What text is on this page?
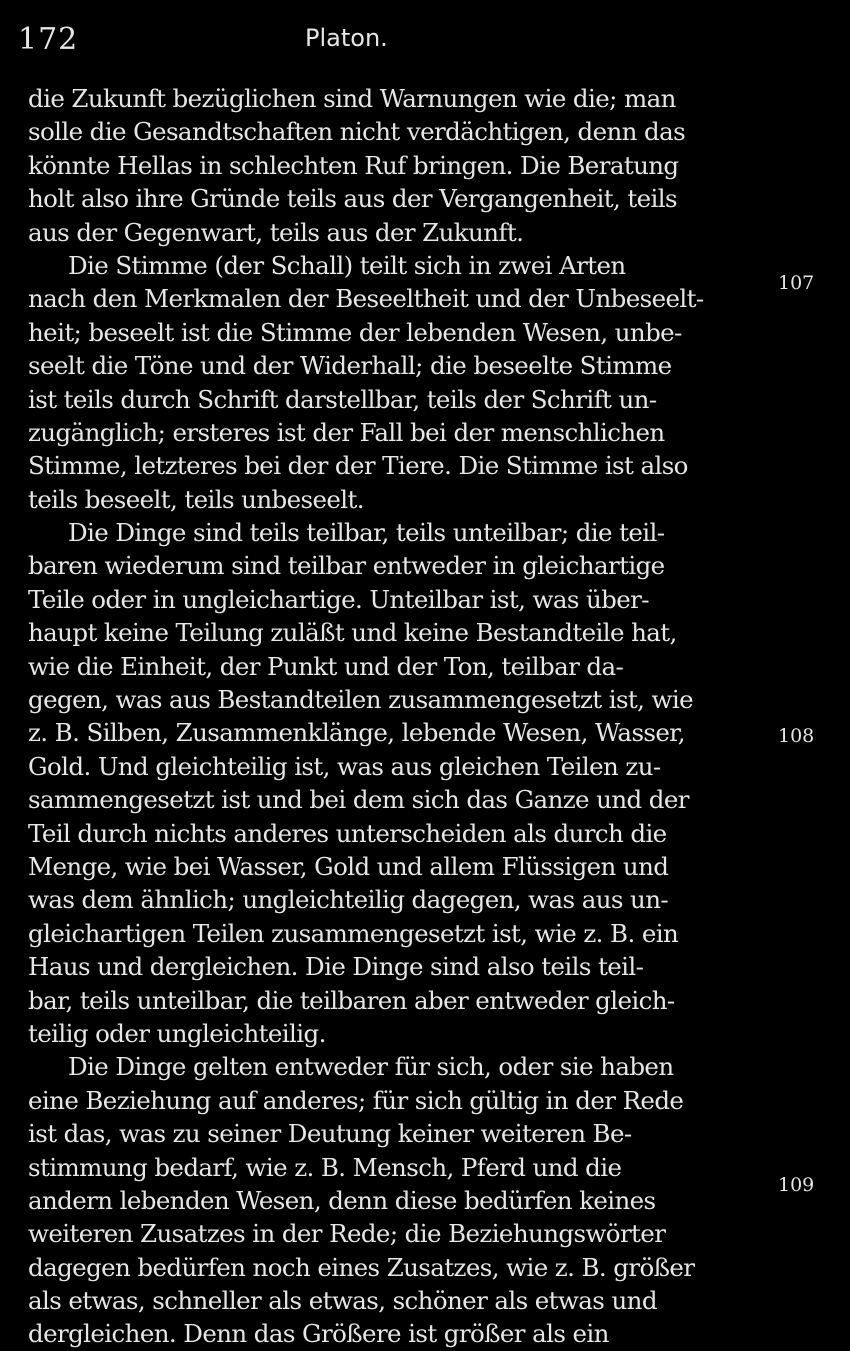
172	Platon.
die Zukunft bezüglichen sind Warnungen wie die; man
solle die Gesandtschaften nicht verdächtigen, denn das
könnte Hellas in schlechten Ruf bringen. Die Beratung
holt also ihre Gründe teils aus der Vergangenheit, teils
aus der Gegenwart, teils aus der Zukunft.
Die Stimme (der Schall) teilt sich in zwei Arten
nach den Merkmalen der Beseeltheit und der Unbeseelt-
heit; beseelt ist die Stimme der lebenden Wesen, unbe-
seelt die Töne und der Widerhall; die beseelte Stimme
ist teils durch Schrift darstellbar, teils der Schrift un-
zugänglich; ersteres ist der Fall bei der menschlichen
Stimme, letzteres bei der der Tiere. Die Stimme ist also
teils beseelt, teils unbeseelt.
Die Dinge sind teils teilbar, teils unteilbar; die teil-
baren wiederum sind teilbar entweder in gleichartige
Teile oder in ungleichartige. Unteilbar ist, was über-
haupt keine Teilung zuläßt und keine Bestandteile hat,
wie die Einheit, der Punkt und der Ton, teilbar da-
gegen, was aus Bestandteilen zusammengesetzt ist, wie
z. B. Silben, Zusammenklänge, lebende Wesen, Wasser,
Gold. Und gleichteilig ist, was aus gleichen Teilen zu-
sammengesetzt ist und bei dem sich das Ganze und der
Teil durch nichts anderes unterscheiden als durch die
Menge, wie bei Wasser, Gold und allem Flüssigen und
was dem ähnlich; ungleichteilig dagegen, was aus un-
gleichartigen Teilen zusammengesetzt ist, wie z. B. ein
Haus und dergleichen. Die Dinge sind also teils teil-
bar, teils unteilbar, die teilbaren aber entweder gleich-
teilig oder ungleichteilig.
Die Dinge gelten entweder für sich, oder sie haben
eine Beziehung auf anderes; für sich gültig in der Rede
ist das, was zu seiner Deutung keiner weiteren Be-
stimmung bedarf, wie z. B. Mensch, Pferd und die
andern lebenden Wesen, denn diese bedürfen keines
weiteren Zusatzes in der Rede; die Beziehungswörter
dagegen bedürfen noch eines Zusatzes, wie z. B. größer
als etwas, schneller als etwas, schöner als etwas und
dergleichen. Denn das Größere ist größer als ein
107
108
109
